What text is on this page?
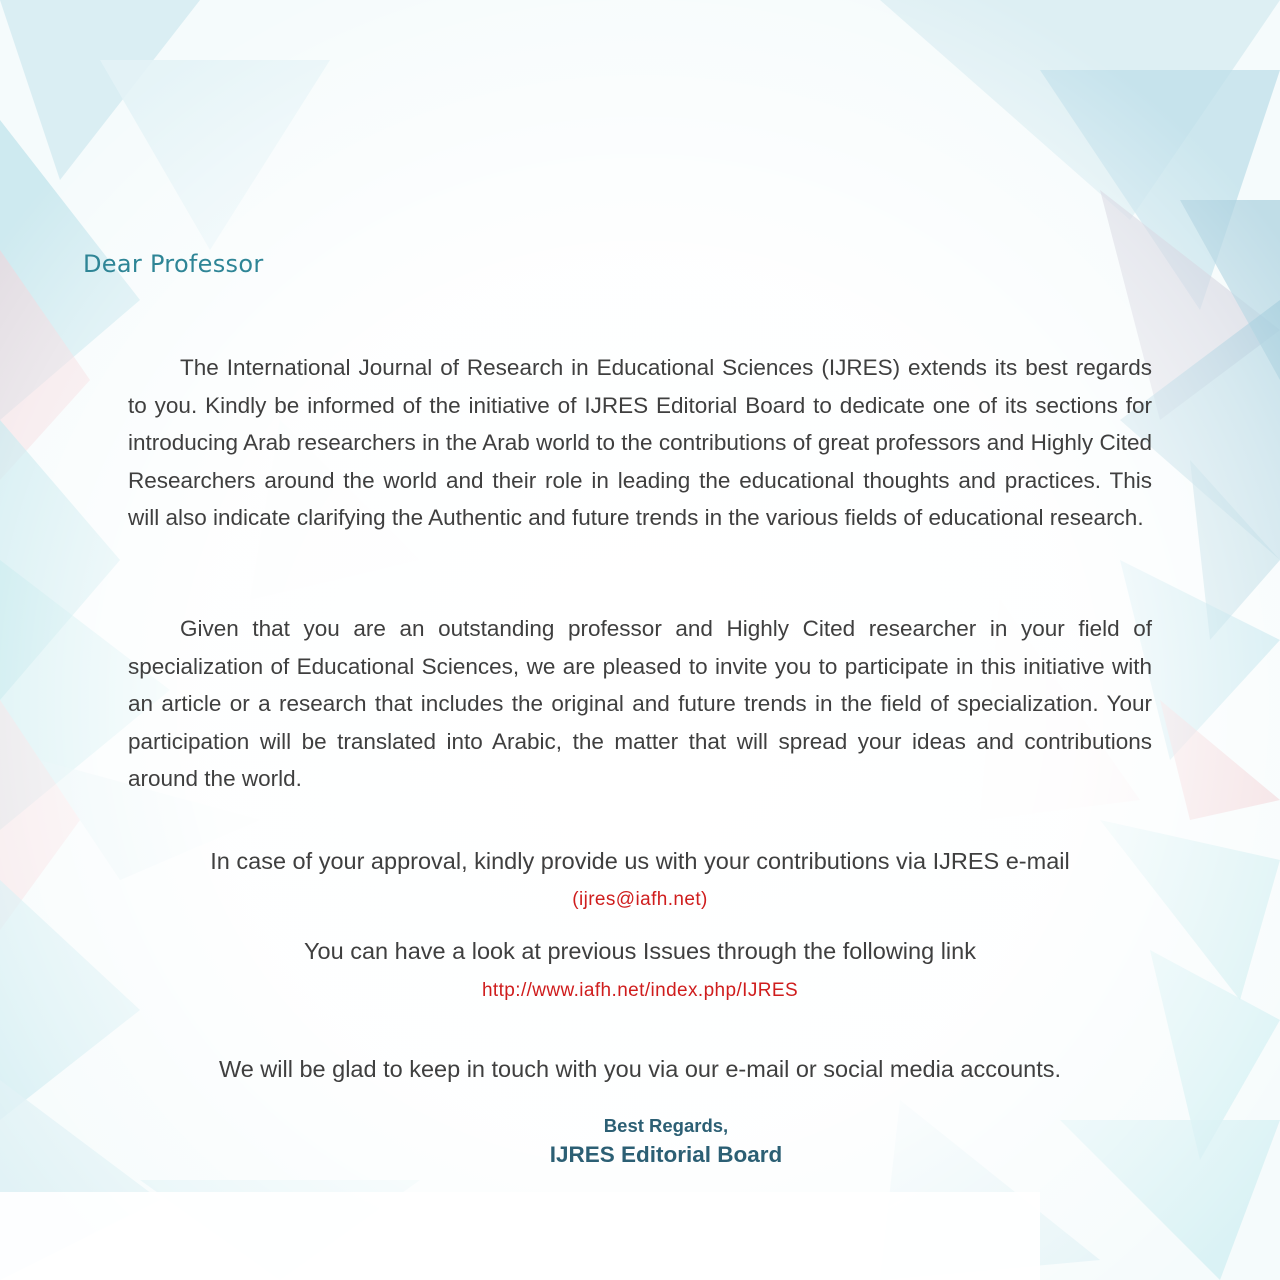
Dear Professor

The International Journal of Research in Educational Sciences (IJRES) extends its best regards to you. Kindly be informed of the initiative of IJRES Editorial Board to dedicate one of its sections for introducing Arab researchers in the Arab world to the contributions of great professors and Highly Cited Researchers around the world and their role in leading the educational thoughts and practices. This will also indicate clarifying the Authentic and future trends in the various fields of educational research.

Given that you are an outstanding professor and Highly Cited researcher in your field of specialization of Educational Sciences, we are pleased to invite you to participate in this initiative with an article or a research that includes the original and future trends in the field of specialization. Your participation will be translated into Arabic, the matter that will spread your ideas and contributions around the world.

In case of your approval, kindly provide us with your contributions via IJRES e-mail

(ijres@iafh.net)

You can have a look at previous Issues through the following link

http://www.iafh.net/index.php/IJRES

We will be glad to keep in touch with you via our e-mail or social media accounts.

Best Regards,

IJRES Editorial Board
